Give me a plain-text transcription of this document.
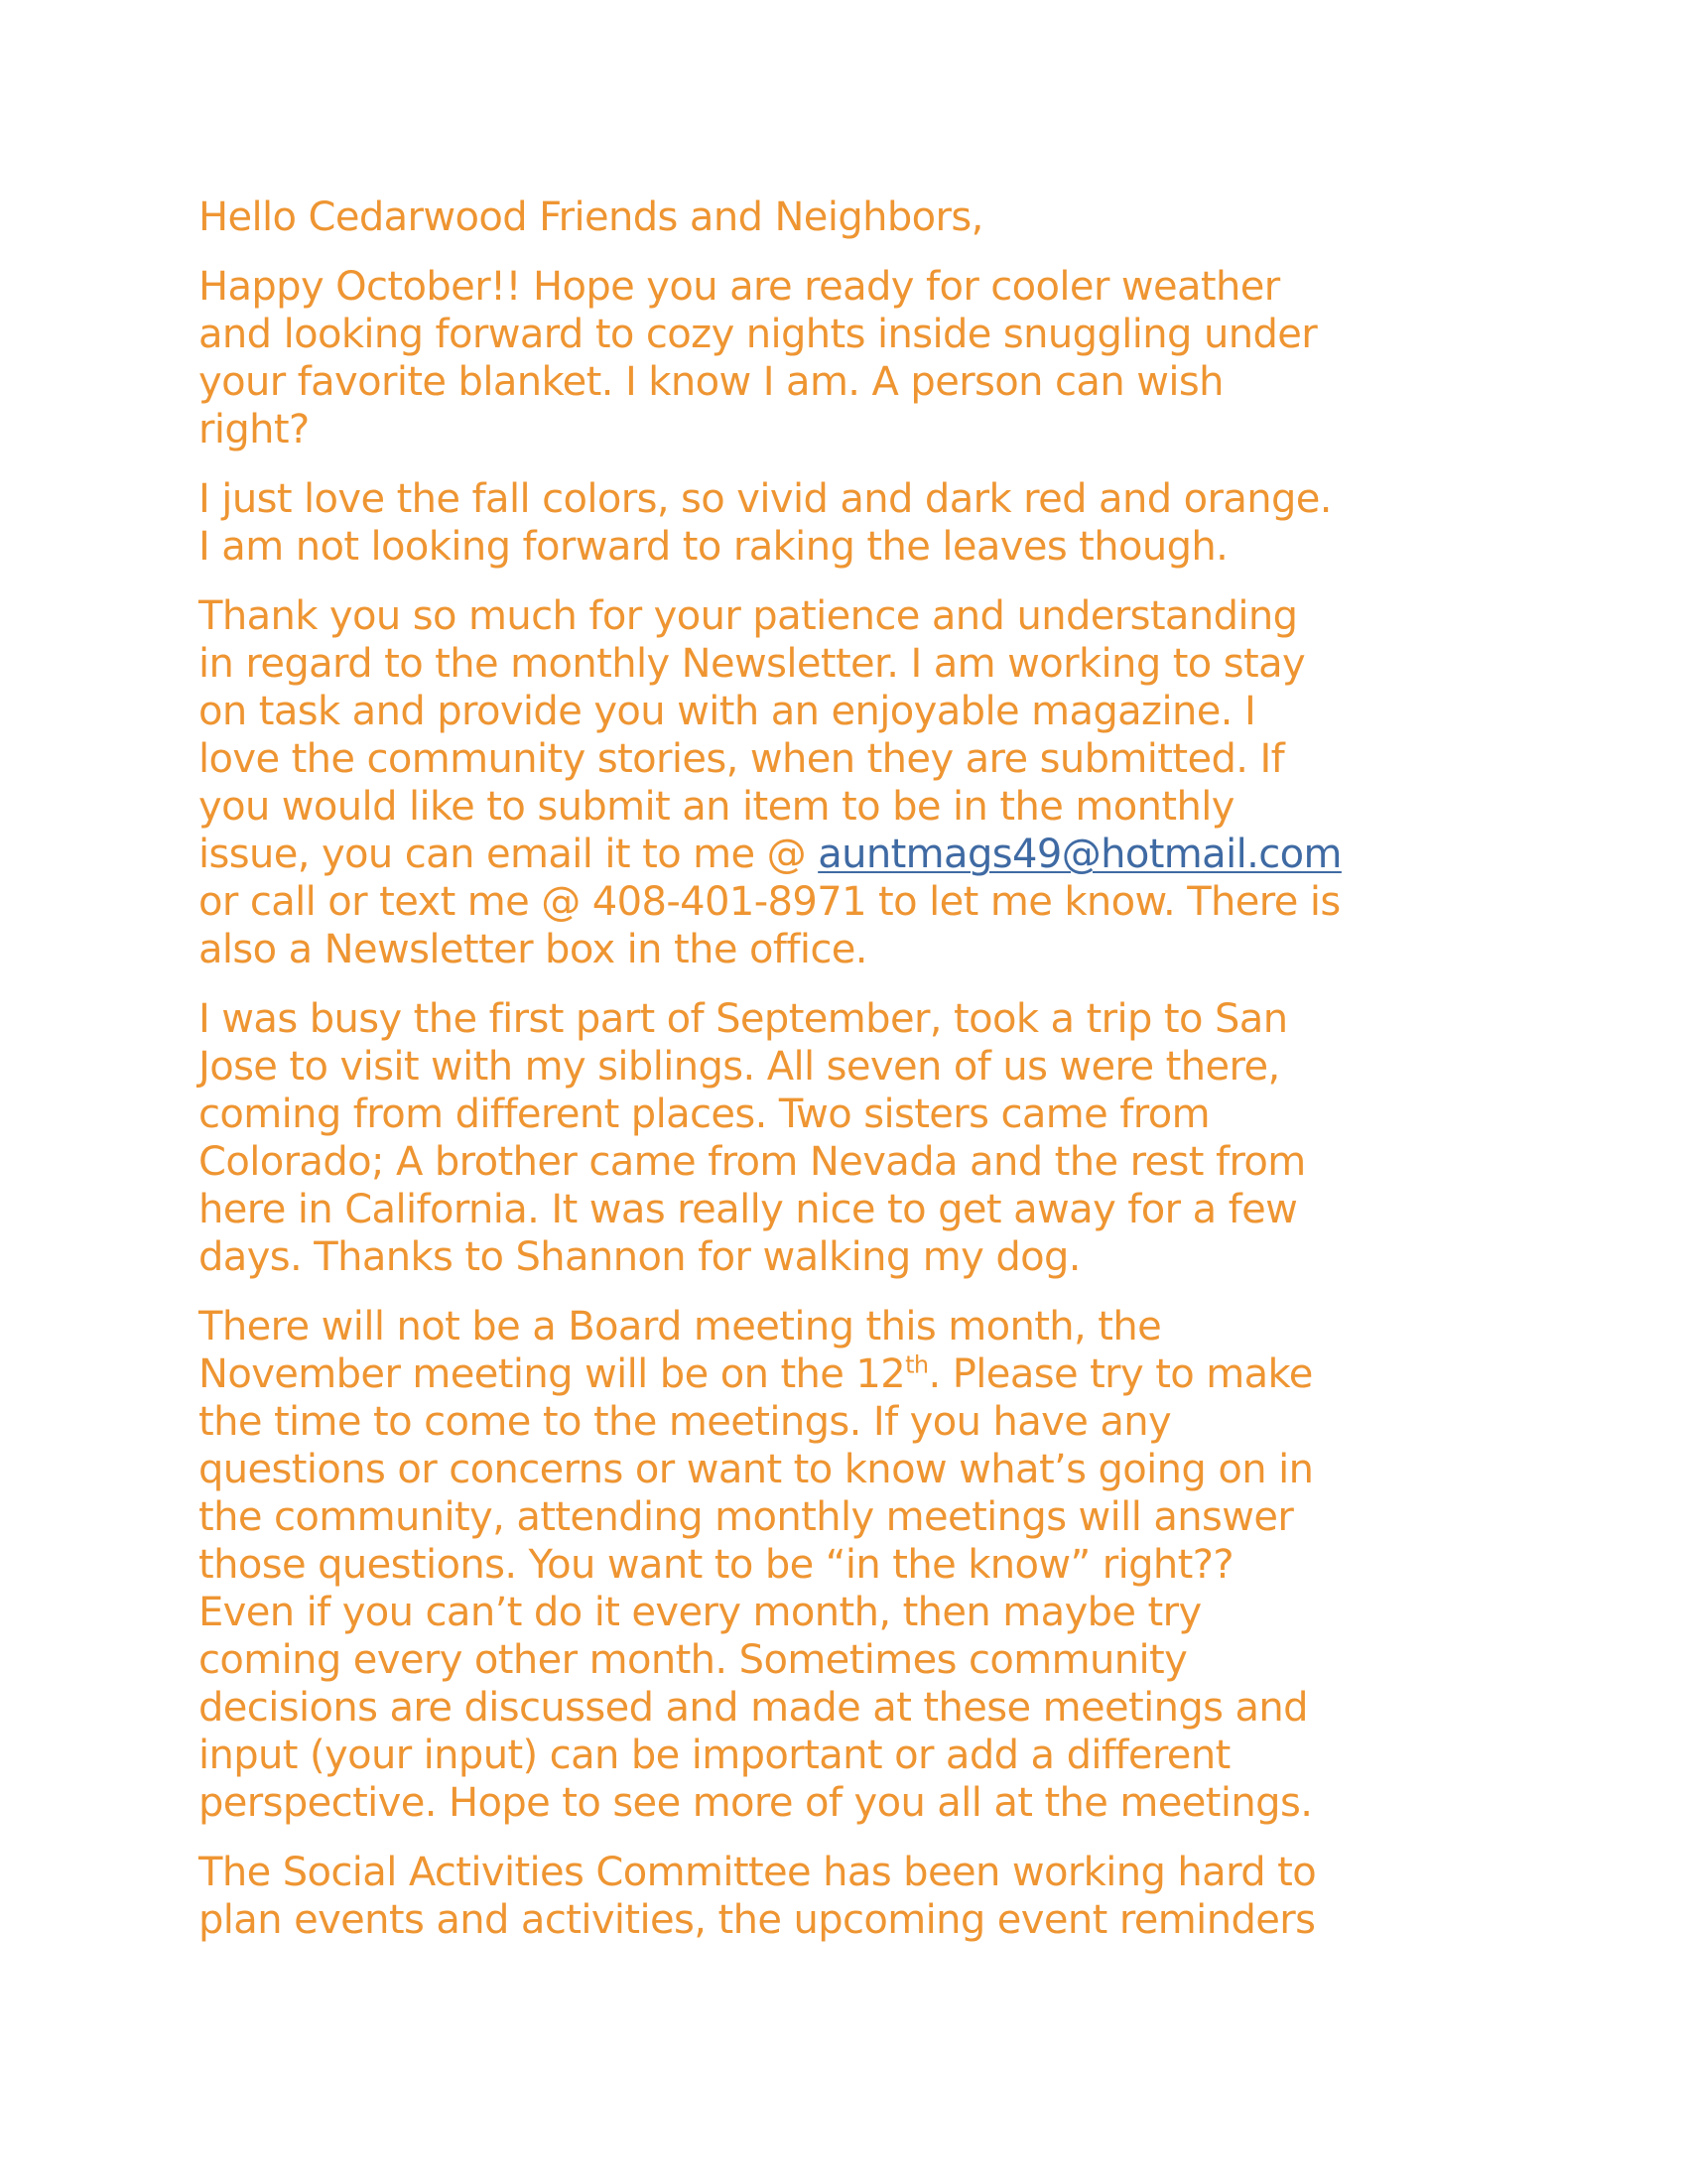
Hello Cedarwood Friends and Neighbors,
Happy October!! Hope you are ready for cooler weather
and looking forward to cozy nights inside snuggling under
your favorite blanket. I know I am. A person can wish
right?
I just love the fall colors, so vivid and dark red and orange.
I am not looking forward to raking the leaves though.
Thank you so much for your patience and understanding
in regard to the monthly Newsletter. I am working to stay
on task and provide you with an enjoyable magazine. I
love the community stories, when they are submitted. If
you would like to submit an item to be in the monthly
issue, you can email it to me @ auntmags49@hotmail.com
or call or text me @ 408-401-8971 to let me know. There is
also a Newsletter box in the office.
I was busy the first part of September, took a trip to San
Jose to visit with my siblings. All seven of us were there,
coming from different places. Two sisters came from
Colorado; A brother came from Nevada and the rest from
here in California. It was really nice to get away for a few
days. Thanks to Shannon for walking my dog.
There will not be a Board meeting this month, the
November meeting will be on the 12th. Please try to make
the time to come to the meetings. If you have any
questions or concerns or want to know what’s going on in
the community, attending monthly meetings will answer
those questions. You want to be “in the know” right??
Even if you can’t do it every month, then maybe try
coming every other month. Sometimes community
decisions are discussed and made at these meetings and
input (your input) can be important or add a different
perspective. Hope to see more of you all at the meetings.
The Social Activities Committee has been working hard to
plan events and activities, the upcoming event reminders
